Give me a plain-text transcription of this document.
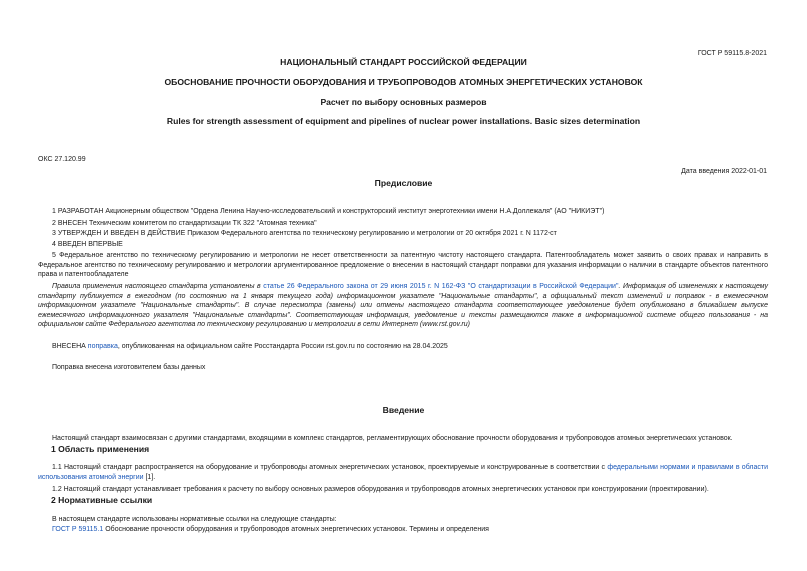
ГОСТ Р 59115.8-2021
НАЦИОНАЛЬНЫЙ СТАНДАРТ РОССИЙСКОЙ ФЕДЕРАЦИИ
ОБОСНОВАНИЕ ПРОЧНОСТИ ОБОРУДОВАНИЯ И ТРУБОПРОВОДОВ АТОМНЫХ ЭНЕРГЕТИЧЕСКИХ УСТАНОВОК
Расчет по выбору основных размеров
Rules for strength assessment of equipment and pipelines of nuclear power installations. Basic sizes determination
ОКС 27.120.99
Дата введения 2022-01-01
Предисловие
1 РАЗРАБОТАН Акционерным обществом "Ордена Ленина Научно-исследовательский и конструкторский институт энерготехники имени Н.А.Доллежаля" (АО "НИКИЭТ")
2 ВНЕСЕН Техническим комитетом по стандартизации ТК 322 "Атомная техника"
3 УТВЕРЖДЕН И ВВЕДЕН В ДЕЙСТВИЕ Приказом Федерального агентства по техническому регулированию и метрологии от 20 октября 2021 г. N 1172-ст
4 ВВЕДЕН ВПЕРВЫЕ
5 Федеральное агентство по техническому регулированию и метрологии не несет ответственности за патентную чистоту настоящего стандарта. Патентообладатель может заявить о своих правах и направить в Федеральное агентство по техническому регулированию и метрологии аргументированное предложение о внесении в настоящий стандарт поправки для указания информации о наличии в стандарте объектов патентного права и патентообладателе
Правила применения настоящего стандарта установлены в статье 26 Федерального закона от 29 июня 2015 г. N 162-ФЗ "О стандартизации в Российской Федерации". Информация об изменениях к настоящему стандарту публикуется в ежегодном (по состоянию на 1 января текущего года) информационном указателе "Национальные стандарты", а официальный текст изменений и поправок - в ежемесячном информационном указателе "Национальные стандарты". В случае пересмотра (замены) или отмены настоящего стандарта соответствующее уведомление будет опубликовано в ближайшем выпуске ежемесячного информационного указателя "Национальные стандарты". Соответствующая информация, уведомление и тексты размещаются также в информационной системе общего пользования - на официальном сайте Федерального агентства по техническому регулированию и метрологии в сети Интернет (www.rst.gov.ru)
ВНЕСЕНА поправка, опубликованная на официальном сайте Росстандарта России rst.gov.ru по состоянию на 28.04.2025
Поправка внесена изготовителем базы данных
Введение
Настоящий стандарт взаимосвязан с другими стандартами, входящими в комплекс стандартов, регламентирующих обоснование прочности оборудования и трубопроводов атомных энергетических установок.
1 Область применения
1.1 Настоящий стандарт распространяется на оборудование и трубопроводы атомных энергетических установок, проектируемые и конструированные в соответствии с федеральными нормами и правилами в области использования атомной энергии [1].
1.2 Настоящий стандарт устанавливает требования к расчету по выбору основных размеров оборудования и трубопроводов атомных энергетических установок при конструировании (проектировании).
2 Нормативные ссылки
В настоящем стандарте использованы нормативные ссылки на следующие стандарты:
ГОСТ Р 59115.1 Обоснование прочности оборудования и трубопроводов атомных энергетических установок. Термины и определения
